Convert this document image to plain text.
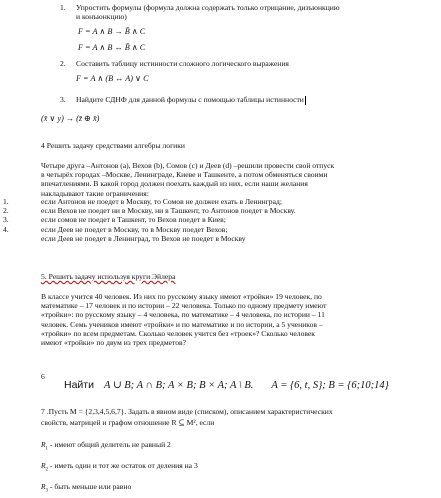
1. Упростить формулы (формула должна содержать только отрицание, дизъюнкцию
и конъюнкцию)
F = A ∧ B → B̄ ∧ C
F = A ∧ B ↔ B̄ ∧ C
2. Составить таблицу истинности сложного логического выражения
F = A ∧ (B ↔ A) ∨ C
3. Найдите СДНФ для данной формулы с помощью таблицы истинности
(x̄ ∨ y) → (z̄ ⊕ x̄)
4 Решить задачу средствами алгебры логики
Четыре друга –Антонов (a), Вехов (b), Сомов (c) и Деев (d) –решили провести свой отпуск
в четырёх городах –Москве, Ленинграде, Киеве и Ташкенте, а потом обменяться своими
впечатлениями. В какой город должен поехать каждый из них, если наши желания
накладывают такие ограничения:
1.	если Антонов не поедет в Москву, то Сомов не должен ехать в Ленинград;
2.	если Вехов не поедет ни в Москву, ни в Ташкент, то Антонов поедет в Москву.
3.	если сомов не поедет в Ташкент, то Вехов поедет в Киев;
4.	если Деев не поедет в Москву, то в Москву поедет Вехов;
если Деев не поедет в Ленинград, то Вехов не поедет в Москву
5. Решить задачу используя круги Эйлера
В классе учится 40 человек. Из них по русскому языку имеют «тройки» 19 человек, по
математике – 17 человек и по истории – 22 человека. Только по одному предмету имеют
«тройки»: по русскому языку – 4 человека, по математике – 4 человека, по истории – 11
человек. Семь учеников имеют «тройки» и по математике и по истории, а 5 учеников –
«тройки» по всем предметам. Сколько человек учится без «троек»? Сколько человек
имеют «тройки» по двум из трех предметов?
6
Найти A ∪ B; A ∩ B; A × B; B × A; A \ B. A = {6, t, S}; B = {6;10;14}
7 .Пусть M = {2,3,4,5,6,7}. Задать в явном виде (списком), описанием характеристических
свойств, матрицей и графом отношение R ⊆ M², если
$R_1$ - имеют общий делитель не равный 2
$R_2$ - иметь один и тот же остаток от деления на 3
$R_3$ - быть меньше или равно
